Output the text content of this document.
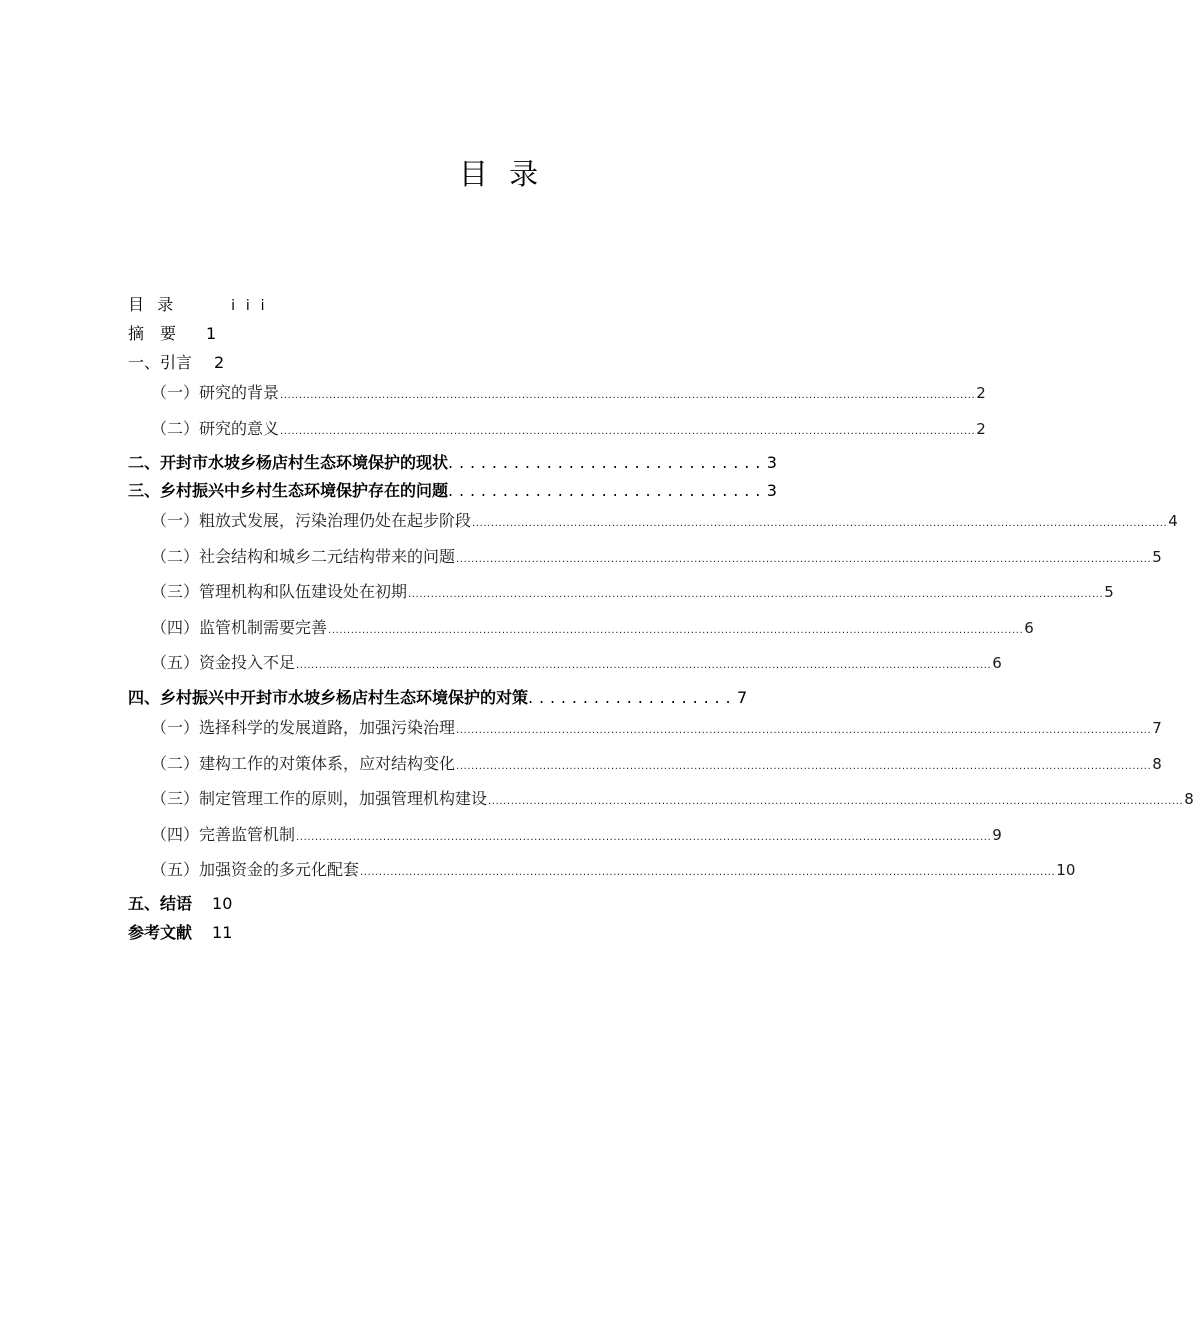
目 录
目 录	i i i
摘　要 1
一、引言 2
（一）研究的背景 ........................................................................................................................................................................................ 2
（二）研究的意义 ........................................................................................................................................................................................ 2
二、开封市水坡乡杨店村生态环境保护的现状. . . . . . . . . . . . . . . . . . . . . . . . . . . . . 3
三、乡村振兴中乡村生态环境保护存在的问题. . . . . . . . . . . . . . . . . . . . . . . . . . . . . 3
（一）粗放式发展，污染治理仍处在起步阶段 ........................................................................................................................................................................................ 4
（二）社会结构和城乡二元结构带来的问题 ........................................................................................................................................................................................ 5
（三）管理机构和队伍建设处在初期 ........................................................................................................................................................................................ 5
（四）监管机制需要完善 ........................................................................................................................................................................................ 6
（五）资金投入不足 ........................................................................................................................................................................................ 6
四、乡村振兴中开封市水坡乡杨店村生态环境保护的对策. . . . . . . . . . . . . . . . . . . 7
（一）选择科学的发展道路，加强污染治理 ........................................................................................................................................................................................ 7
（二）建构工作的对策体系，应对结构变化 ........................................................................................................................................................................................ 8
（三）制定管理工作的原则，加强管理机构建设 ........................................................................................................................................................................................ 8
（四）完善监管机制 ........................................................................................................................................................................................ 9
（五）加强资金的多元化配套 ........................................................................................................................................................................................ 10
五、结语 10
参考文献 11
